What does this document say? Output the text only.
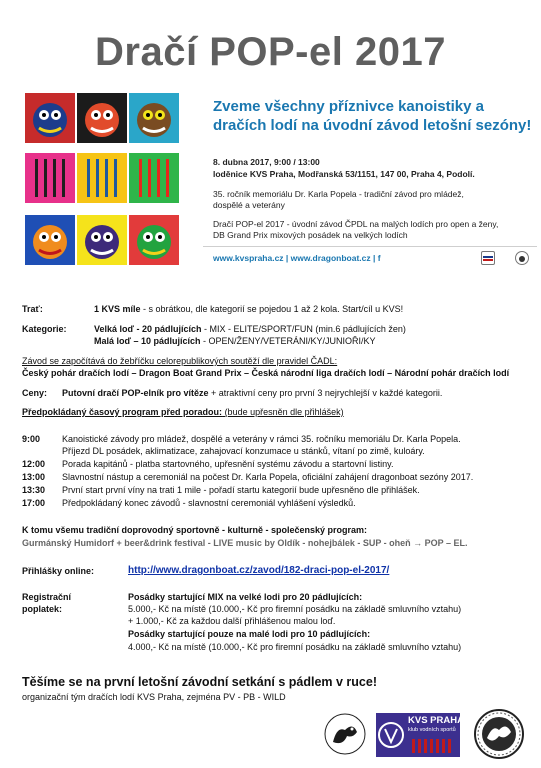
Dračí POP-el 2017
Zveme všechny příznivce kanoistiky a
dračích lodí na úvodní závod letošní sezóny!
8. dubna 2017, 9:00 / 13:00
loděnice KVS Praha, Modřanská 53/1151, 147 00, Praha 4, Podolí.
35. ročník memoriálu Dr. Karla Popela - tradiční závod pro mládež,
dospělé a veterány
Dračí POP-el 2017 - úvodní závod ČPDL na malých lodích pro open a ženy,
DB Grand Prix mixových posádek na velkých lodích
www.kvspraha.cz | www.dragonboat.cz | f
Trať:	1 KVS míle - s obrátkou, dle kategorií se pojedou 1 až 2 kola. Start/cíl u KVS!
Kategorie:	Velká loď - 20 pádlujících - MIX - ELITE/SPORT/FUN (min.6 pádlujících žen)
Malá loď – 10 pádlujících - OPEN/ŽENY/VETERÁNI/KY/JUNIOŘI/KY
Závod se započítává do žebříčku celorepublikových soutěží dle pravidel ČADL:
Český pohár dračích lodí – Dragon Boat Grand Prix – Česká národní liga dračích lodí – Národní pohár dračích lodí
Ceny: Putovní dračí POP-elník pro vítěze + atraktivní ceny pro první 3 nejrychlejší v každé kategorii.
Předpokládaný časový program před poradou: (bude upřesněn dle přihlášek)
9:00 Kanoistické závody pro mládež, dospělé a veterány v rámci 35. ročníku memoriálu Dr. Karla Popela.
Příjezd DL posádek, aklimatizace, zahajovací konzumace u stánků, vítaní po zimě, kuloáry.
12:00 Porada kapitánů - platba startovného, upřesnění systému závodu a startovní listiny.
13:00 Slavnostní nástup a ceremoniál na počest Dr. Karla Popela, oficiální zahájení dragonboat sezóny 2017.
13:30 První start první víny na trati 1 mile - pořadí startu kategorií bude upřesněno dle přihlášek.
17:00 Předpokládaný konec závodů - slavnostní ceremoniál vyhlášení výsledků.
K tomu všemu tradiční doprovodný sportovně - kulturně - společenský program:
Gurmánský Humidorf + beer&drink festival - LIVE music by Oldík - nohejbálek - SUP - oheň → POP – EL.
Přihlášky online:	http://www.dragonboat.cz/zavod/182-draci-pop-el-2017/
Registrační
poplatek:
Posádky startující MIX na velké lodi pro 20 pádlujících:
5.000,- Kč na místě (10.000,- Kč pro firemní posádku na základě smluvního vztahu)
+ 1.000,- Kč za každou další přihlášenou malou loď.
Posádky startující pouze na malé lodi pro 10 pádlujících:
4.000,- Kč na místě (10.000,- Kč pro firemní posádku na základě smluvního vztahu)
Těšíme se na první letošní závodní setkání s pádlem v ruce!
organizační tým dračích lodí KVS Praha, zejména PV - PB - WILD
KVS PRAHA
klub vodních sportů
